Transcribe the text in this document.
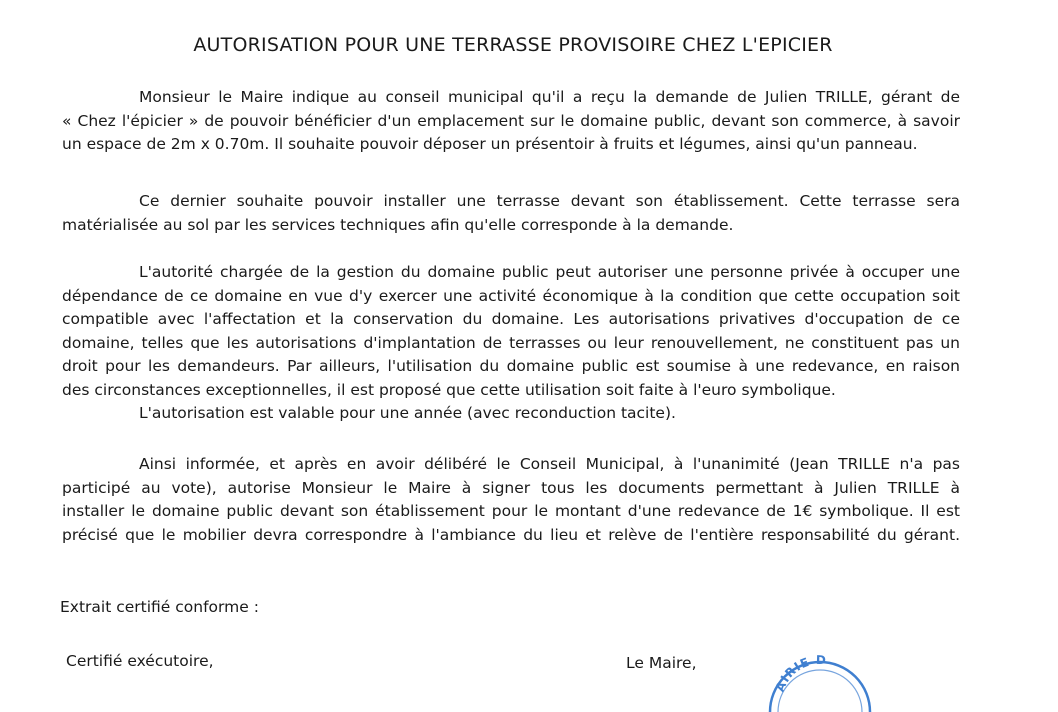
AUTORISATION POUR UNE TERRASSE PROVISOIRE CHEZ L'EPICIER
Monsieur le Maire indique au conseil municipal qu'il a reçu la demande de Julien TRILLE, gérant de
« Chez l'épicier » de pouvoir bénéficier d'un emplacement sur le domaine public, devant son commerce, à savoir
un espace de 2m x 0.70m. Il souhaite pouvoir déposer un présentoir à fruits et légumes, ainsi qu'un panneau.
Ce dernier souhaite pouvoir installer une terrasse devant son établissement. Cette terrasse sera
matérialisée au sol par les services techniques afin qu'elle corresponde à la demande.
L'autorité chargée de la gestion du domaine public peut autoriser une personne privée à occuper une
dépendance de ce domaine en vue d'y exercer une activité économique à la condition que cette occupation soit
compatible avec l'affectation et la conservation du domaine. Les autorisations privatives d'occupation de ce
domaine, telles que les autorisations d'implantation de terrasses ou leur renouvellement, ne constituent pas un
droit pour les demandeurs. Par ailleurs, l'utilisation du domaine public est soumise à une redevance, en raison
des circonstances exceptionnelles, il est proposé que cette utilisation soit faite à l'euro symbolique.
L'autorisation est valable pour une année (avec reconduction tacite).
Ainsi informée, et après en avoir délibéré le Conseil Municipal, à l'unanimité (Jean TRILLE n'a pas
participé au vote), autorise Monsieur le Maire à signer tous les documents permettant à Julien TRILLE à
installer le domaine public devant son établissement pour le montant d'une redevance de 1€ symbolique. Il est
précisé que le mobilier devra correspondre à l'ambiance du lieu et relève de l'entière responsabilité du gérant.
Extrait certifié conforme :
Certifié exécutoire,	Le Maire,
AIRIE D
